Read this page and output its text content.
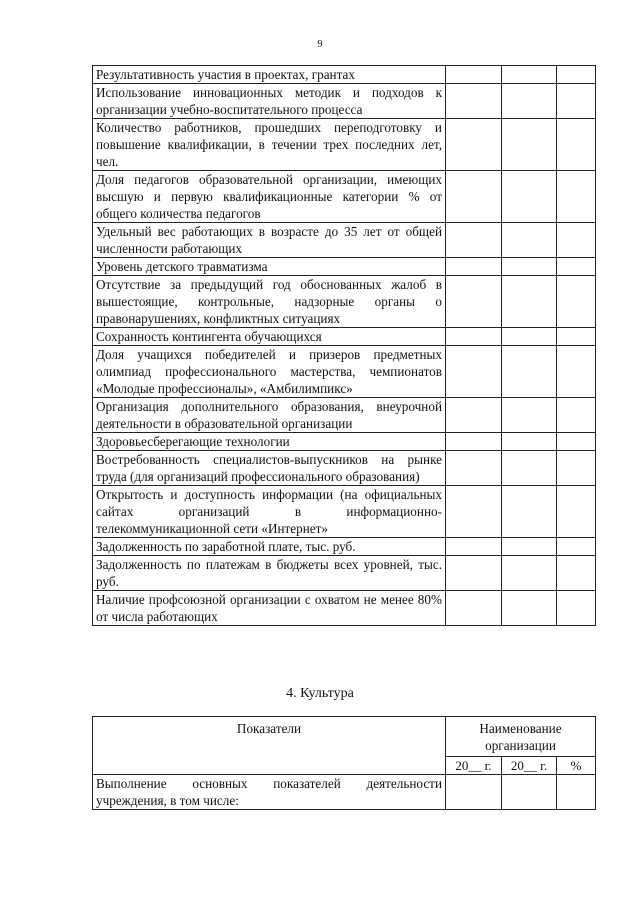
9
Результативность участия в проектах, грантах			
Использование инновационных методик и подходов к организации учебно-воспитательного процесса			
Количество работников, прошедших переподготовку и повышение квалификации, в течении трех последних лет, чел.			
Доля педагогов образовательной организации, имеющих высшую и первую квалификационные категории % от общего количества педагогов			
Удельный вес работающих в возрасте до 35 лет от общей численности работающих			
Уровень детского травматизма			
Отсутствие за предыдущий год обоснованных жалоб в вышестоящие, контрольные, надзорные органы о правонарушениях, конфликтных ситуациях			
Сохранность контингента обучающихся			
Доля учащихся победителей и призеров предметных олимпиад профессионального мастерства, чемпионатов «Молодые профессионалы», «Амбилимпикс»			
Организация дополнительного образования, внеурочной деятельности в образовательной организации			
Здоровьесберегающие технологии			
Востребованность специалистов-выпускников на рынке труда (для организаций профессионального образования)			
Открытость и доступность информации (на официальных сайтах организаций в информационно-телекоммуникационной сети «Интернет»			
Задолженность по заработной плате, тыс. руб.			
Задолженность по платежам в бюджеты всех уровней, тыс. руб.			
Наличие профсоюзной организации с охватом не менее 80% от числа работающих			
4. Культура
Показатели	Наименование организации		
	20__ г.	20__ г.	%
Выполнение основных показателей деятельности учреждения, в том числе:			
